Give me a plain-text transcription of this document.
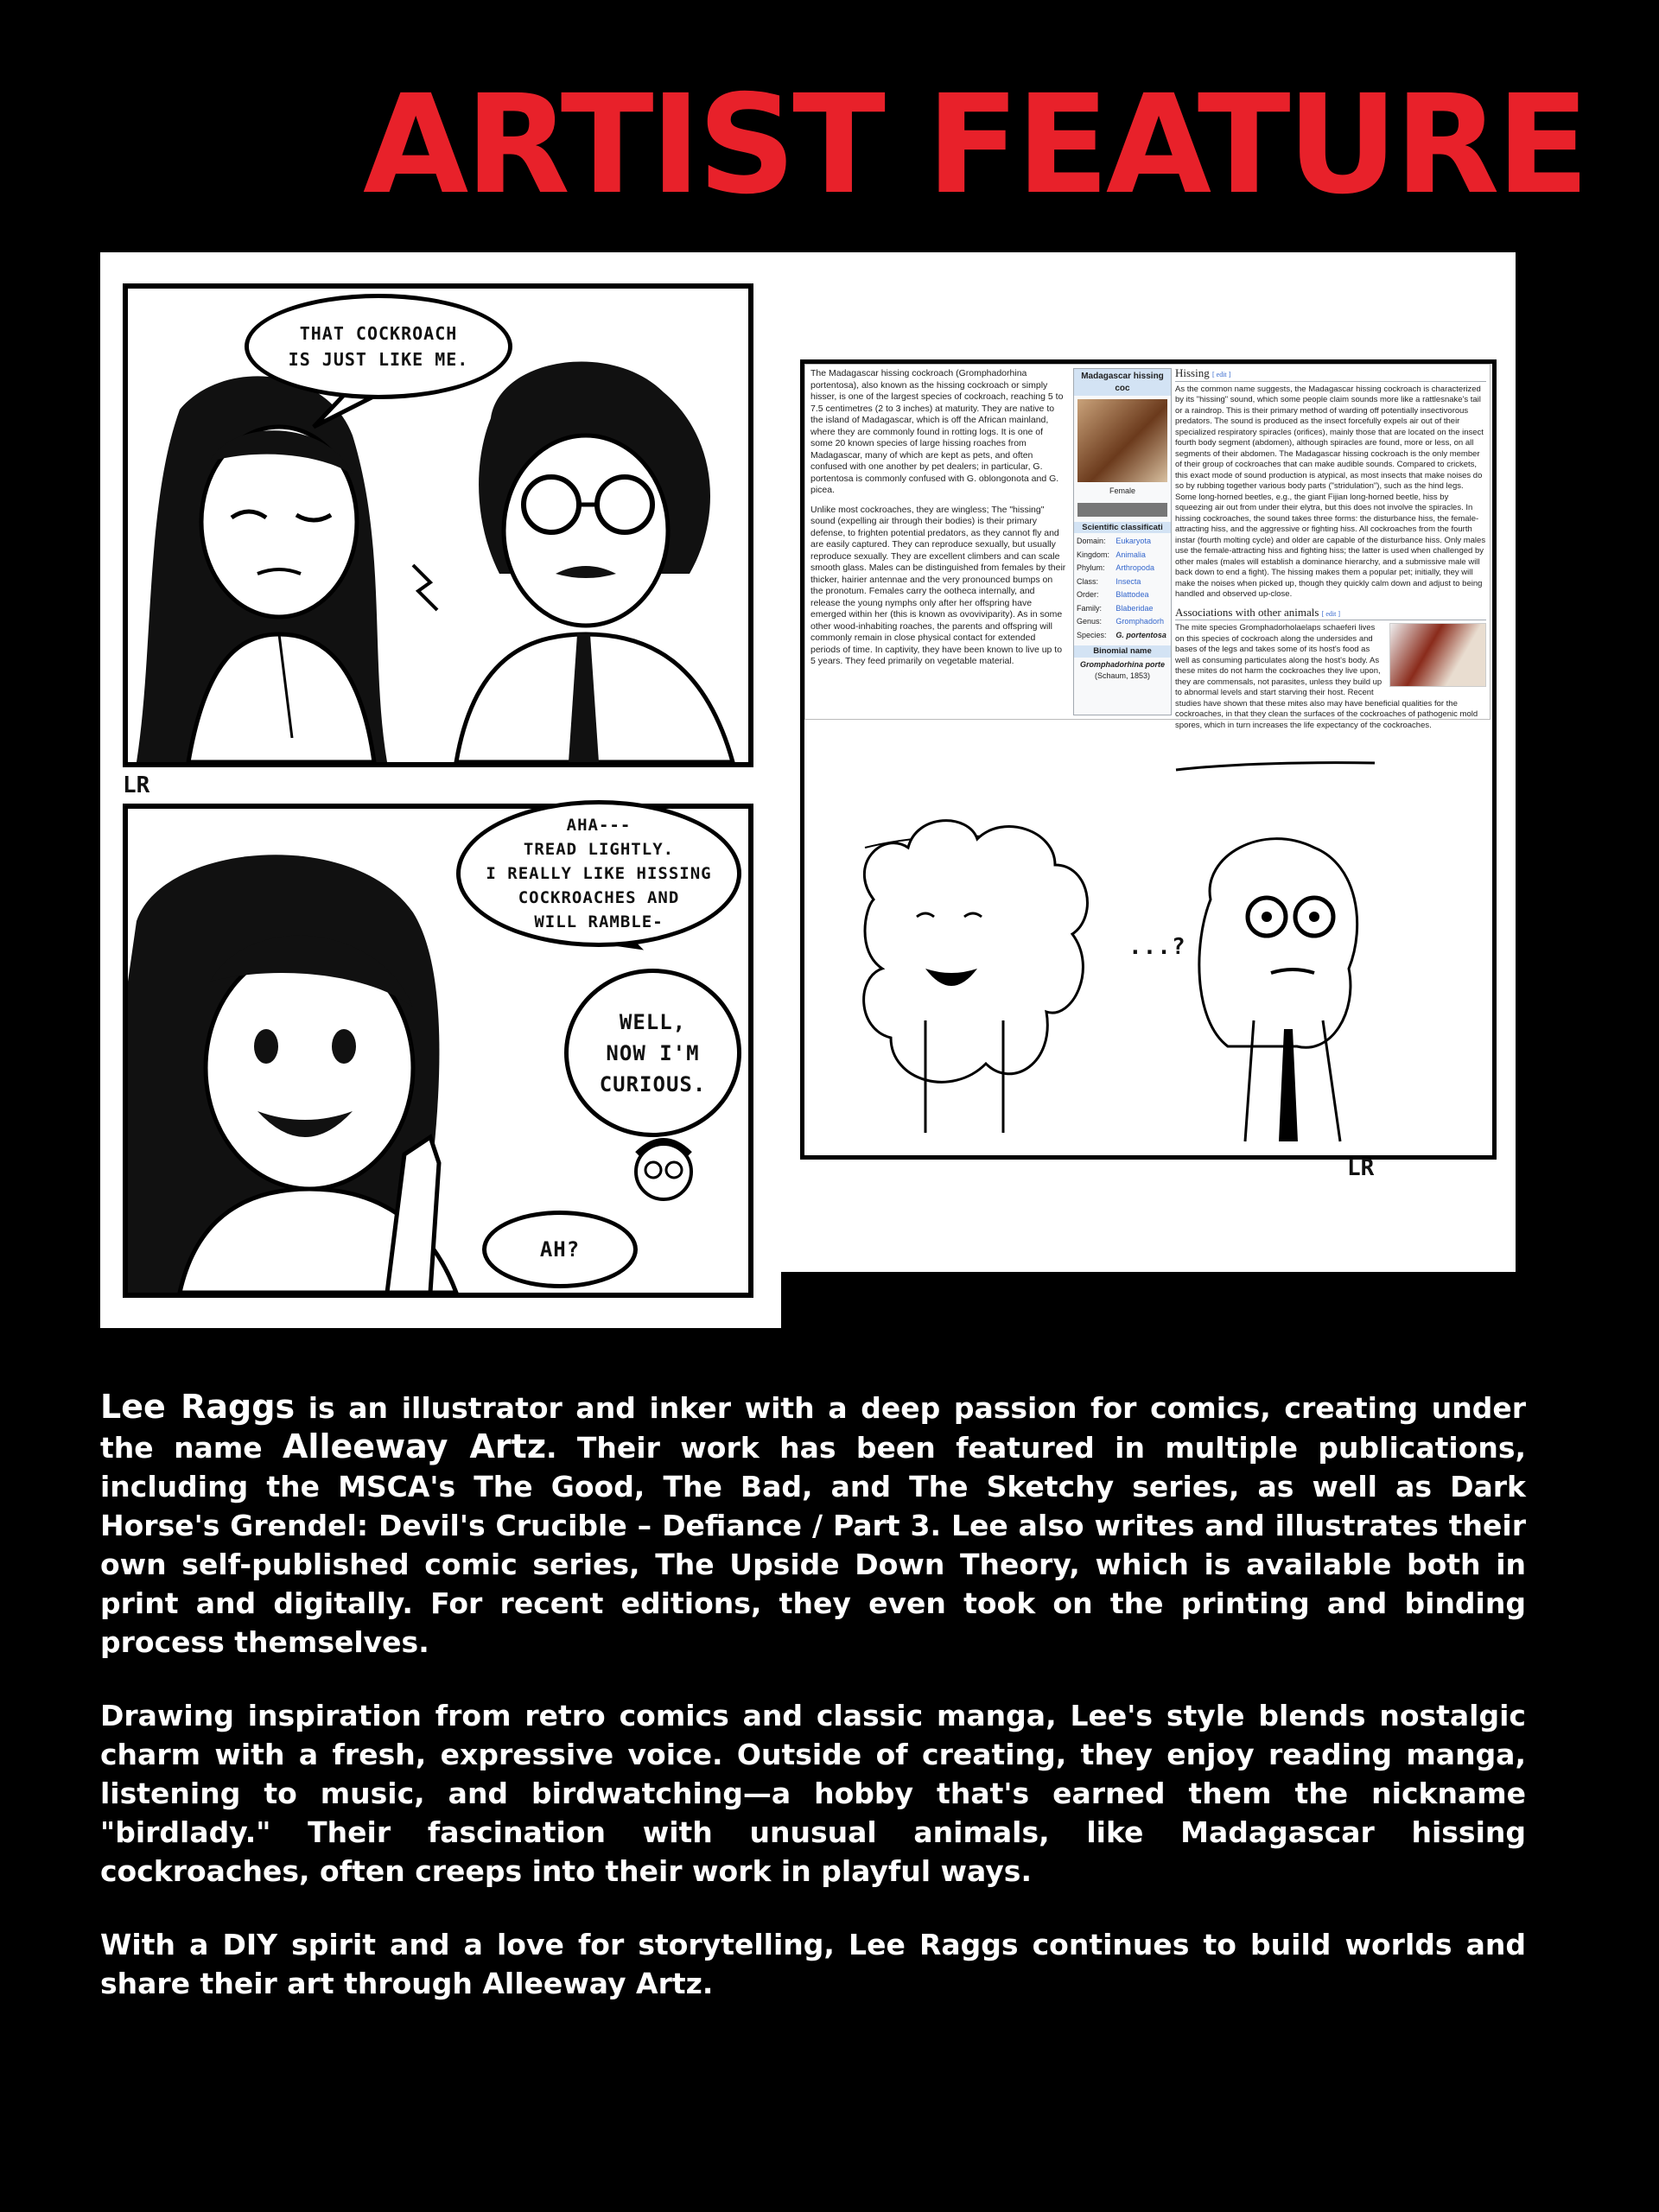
ARTIST FEATURE
THAT COCKROACH
IS JUST LIKE ME.
LR
AHA---
TREAD LIGHTLY.
I REALLY LIKE HISSING
COCKROACHES AND
WILL RAMBLE-
WELL,
NOW I'M
CURIOUS.
AH?
...?

The Madagascar hissing cockroach (Gromphadorhina portentosa), also known as the hissing cockroach or simply hisser, is one of the largest species of cockroach, reaching 5 to 7.5 centimetres (2 to 3 inches) at maturity. They are native to the island of Madagascar, which is off the African mainland, where they are commonly found in rotting logs. It is one of some 20 known species of large hissing roaches from Madagascar, many of which are kept as pets, and often confused with one another by pet dealers; in particular, G. portentosa is commonly confused with G. oblongonota and G. picea.

Unlike most cockroaches, they are wingless; The "hissing" sound (expelling air through their bodies) is their primary defense, to frighten potential predators, as they cannot fly and are easily captured. They can reproduce sexually, but usually reproduce sexually. They are excellent climbers and can scale smooth glass. Males can be distinguished from females by their thicker, hairier antennae and the very pronounced bumps on the pronotum. Females carry the ootheca internally, and release the young nymphs only after her offspring have emerged within her (this is known as ovoviviparity). As in some other wood-inhabiting roaches, the parents and offspring will commonly remain in close physical contact for extended periods of time. In captivity, they have been known to live up to 5 years. They feed primarily on vegetable material.

Madagascar hissing coc
Female
Scientific classificati
Domain:	Eukaryota
Kingdom:	Animalia
Phylum:	Arthropoda
Class:	Insecta
Order:	Blattodea
Family:	Blaberidae
Genus:	Gromphadorh
Species:	G. portentosa
Binomial name
Gromphadorhina porte
(Schaum, 1853)
Hissing [ edit ]

As the common name suggests, the Madagascar hissing cockroach is characterized by its "hissing" sound, which some people claim sounds more like a rattlesnake's tail or a raindrop. This is their primary method of warding off potentially insectivorous predators. The sound is produced as the insect forcefully expels air out of their specialized respiratory spiracles (orifices), mainly those that are located on the insect fourth body segment (abdomen), although spiracles are found, more or less, on all segments of their abdomen. The Madagascar hissing cockroach is the only member of their group of cockroaches that can make audible sounds. Compared to crickets, this exact mode of sound production is atypical, as most insects that make noises do so by rubbing together various body parts ("stridulation"), such as the hind legs. Some long-horned beetles, e.g., the giant Fijian long-horned beetle, hiss by squeezing air out from under their elytra, but this does not involve the spiracles. In hissing cockroaches, the sound takes three forms: the disturbance hiss, the female-attracting hiss, and the aggressive or fighting hiss. All cockroaches from the fourth instar (fourth molting cycle) and older are capable of the disturbance hiss. Only males use the female-attracting hiss and fighting hiss; the latter is used when challenged by other males (males will establish a dominance hierarchy, and a submissive male will back down to end a fight). The hissing makes them a popular pet; initially, they will make the noises when picked up, though they quickly calm down and adjust to being handled and observed up-close.

Associations with other animals [ edit ]

The mite species Gromphadorholaelaps schaeferi lives on this species of cockroach along the undersides and bases of the legs and takes some of its host's food as well as consuming particulates along the host's body. As these mites do not harm the cockroaches they live upon, they are commensals, not parasites, unless they build up to abnormal levels and start starving their host. Recent studies have shown that these mites also may have beneficial qualities for the cockroaches, in that they clean the surfaces of the cockroaches of pathogenic mold spores, which in turn increases the life expectancy of the cockroaches.

LR

Lee Raggs is an illustrator and inker with a deep passion for comics, creating under the name Alleeway Artz. Their work has been featured in multiple publications, including the MSCA's The Good, The Bad, and The Sketchy series, as well as Dark Horse's Grendel: Devil's Crucible – Defiance / Part 3. Lee also writes and illustrates their own self-published comic series, The Upside Down Theory, which is available both in print and digitally. For recent editions, they even took on the printing and binding process themselves.

Drawing inspiration from retro comics and classic manga, Lee's style blends nostalgic charm with a fresh, expressive voice. Outside of creating, they enjoy reading manga, listening to music, and birdwatching—a hobby that's earned them the nickname "birdlady." Their fascination with unusual animals, like Madagascar hissing cockroaches, often creeps into their work in playful ways.

With a DIY spirit and a love for storytelling, Lee Raggs continues to build worlds and share their art through Alleeway Artz.
